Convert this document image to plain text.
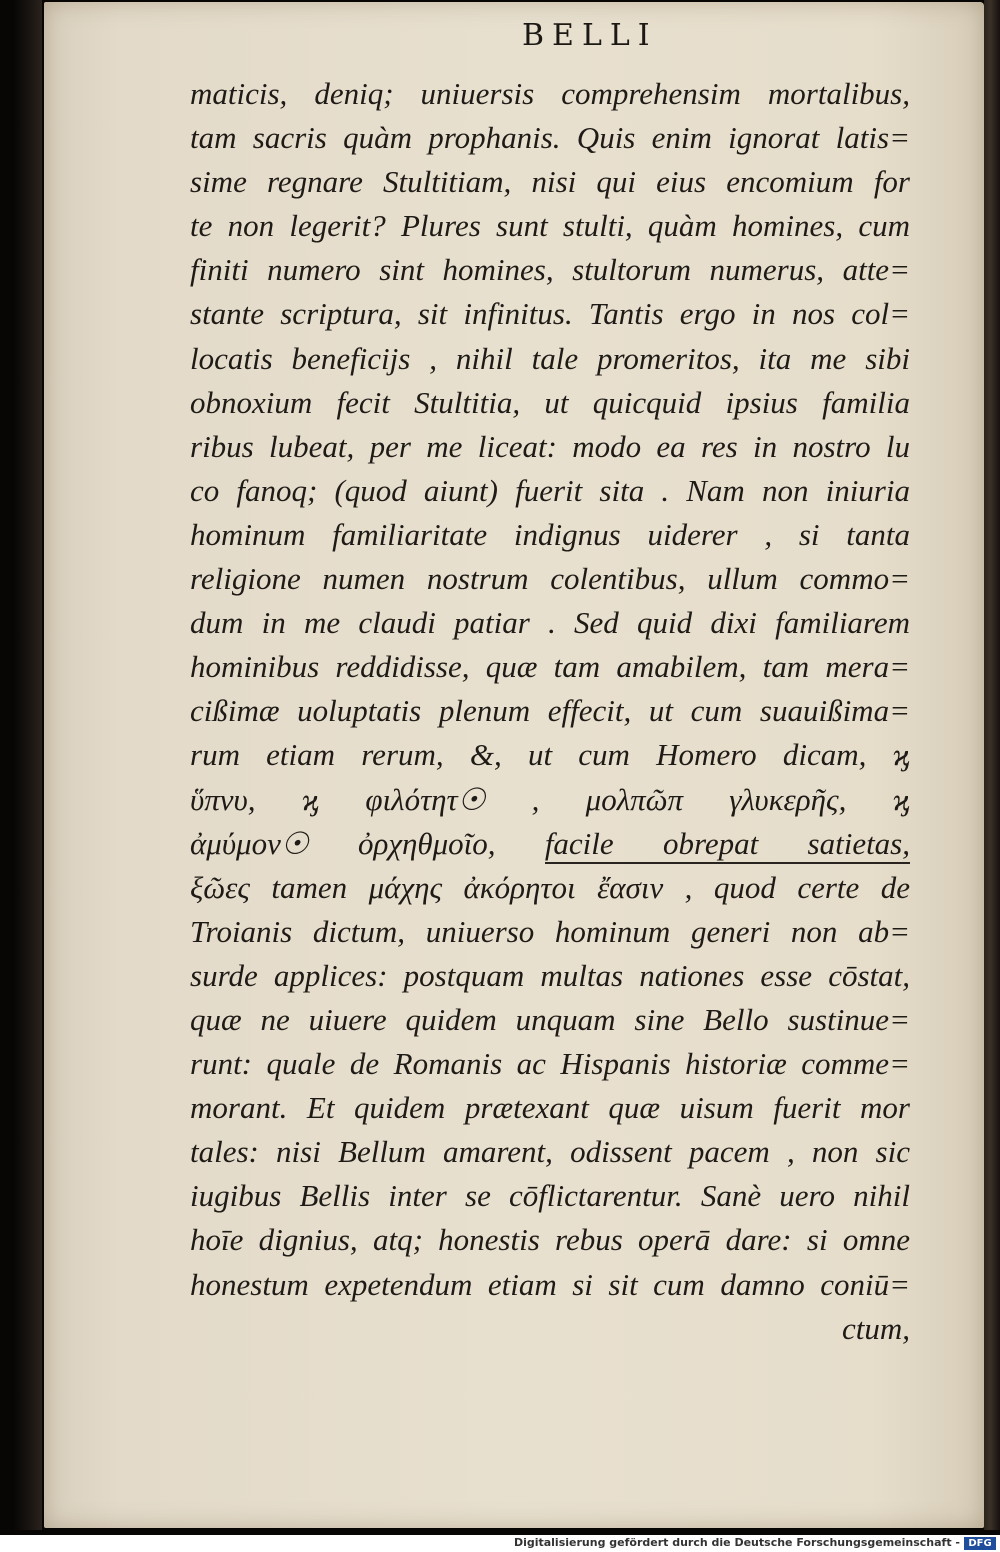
BELLI
maticis, deniq; uniuersis comprehensim mortalibus,
tam sacris quàm prophanis. Quis enim ignorat latis=
sime regnare Stultitiam, nisi qui eius encomium for
te non legerit? Plures sunt stulti, quàm homines, cum
finiti numero sint homines, stultorum numerus, atte=
stante scriptura, sit infinitus. Tantis ergo in nos col=
locatis beneficijs , nihil tale promeritos, ita me sibi
obnoxium fecit Stultitia, ut quicquid ipsius familia
ribus lubeat, per me liceat: modo ea res in nostro lu
co fanoq; (quod aiunt) fuerit sita . Nam non iniuria
hominum familiaritate indignus uiderer , si tanta
religione numen nostrum colentibus, ullum commo=
dum in me claudi patiar . Sed quid dixi familiarem
hominibus reddidisse, quæ tam amabilem, tam mera=
cißimæ uoluptatis plenum effecit, ut cum suauißima=
rum etiam rerum, &, ut cum Homero dicam, ϗ
ὕπνυ, ϗ φιλότητ☉ , μολπῶπ γλυκερῆς, ϗ
ἀμύμον☉ ὀρχηθμοῖο, facile obrepat satietas,
ξῶες tamen μάχης ἀκόρητοι ἔασιν , quod certe de
Troianis dictum, uniuerso hominum generi non ab=
surde applices: postquam multas nationes esse cōstat,
quæ ne uiuere quidem unquam sine Bello sustinue=
runt: quale de Romanis ac Hispanis historiæ comme=
morant. Et quidem prætexant quæ uisum fuerit mor
tales: nisi Bellum amarent, odissent pacem , non sic
iugibus Bellis inter se cōflictarentur. Sanè uero nihil
hoīe dignius, atq; honestis rebus operā dare: si omne
honestum expetendum etiam si sit cum damno coniū=
ctum,
Digitalisierung gefördert durch die Deutsche Forschungsgemeinschaft - DFG
